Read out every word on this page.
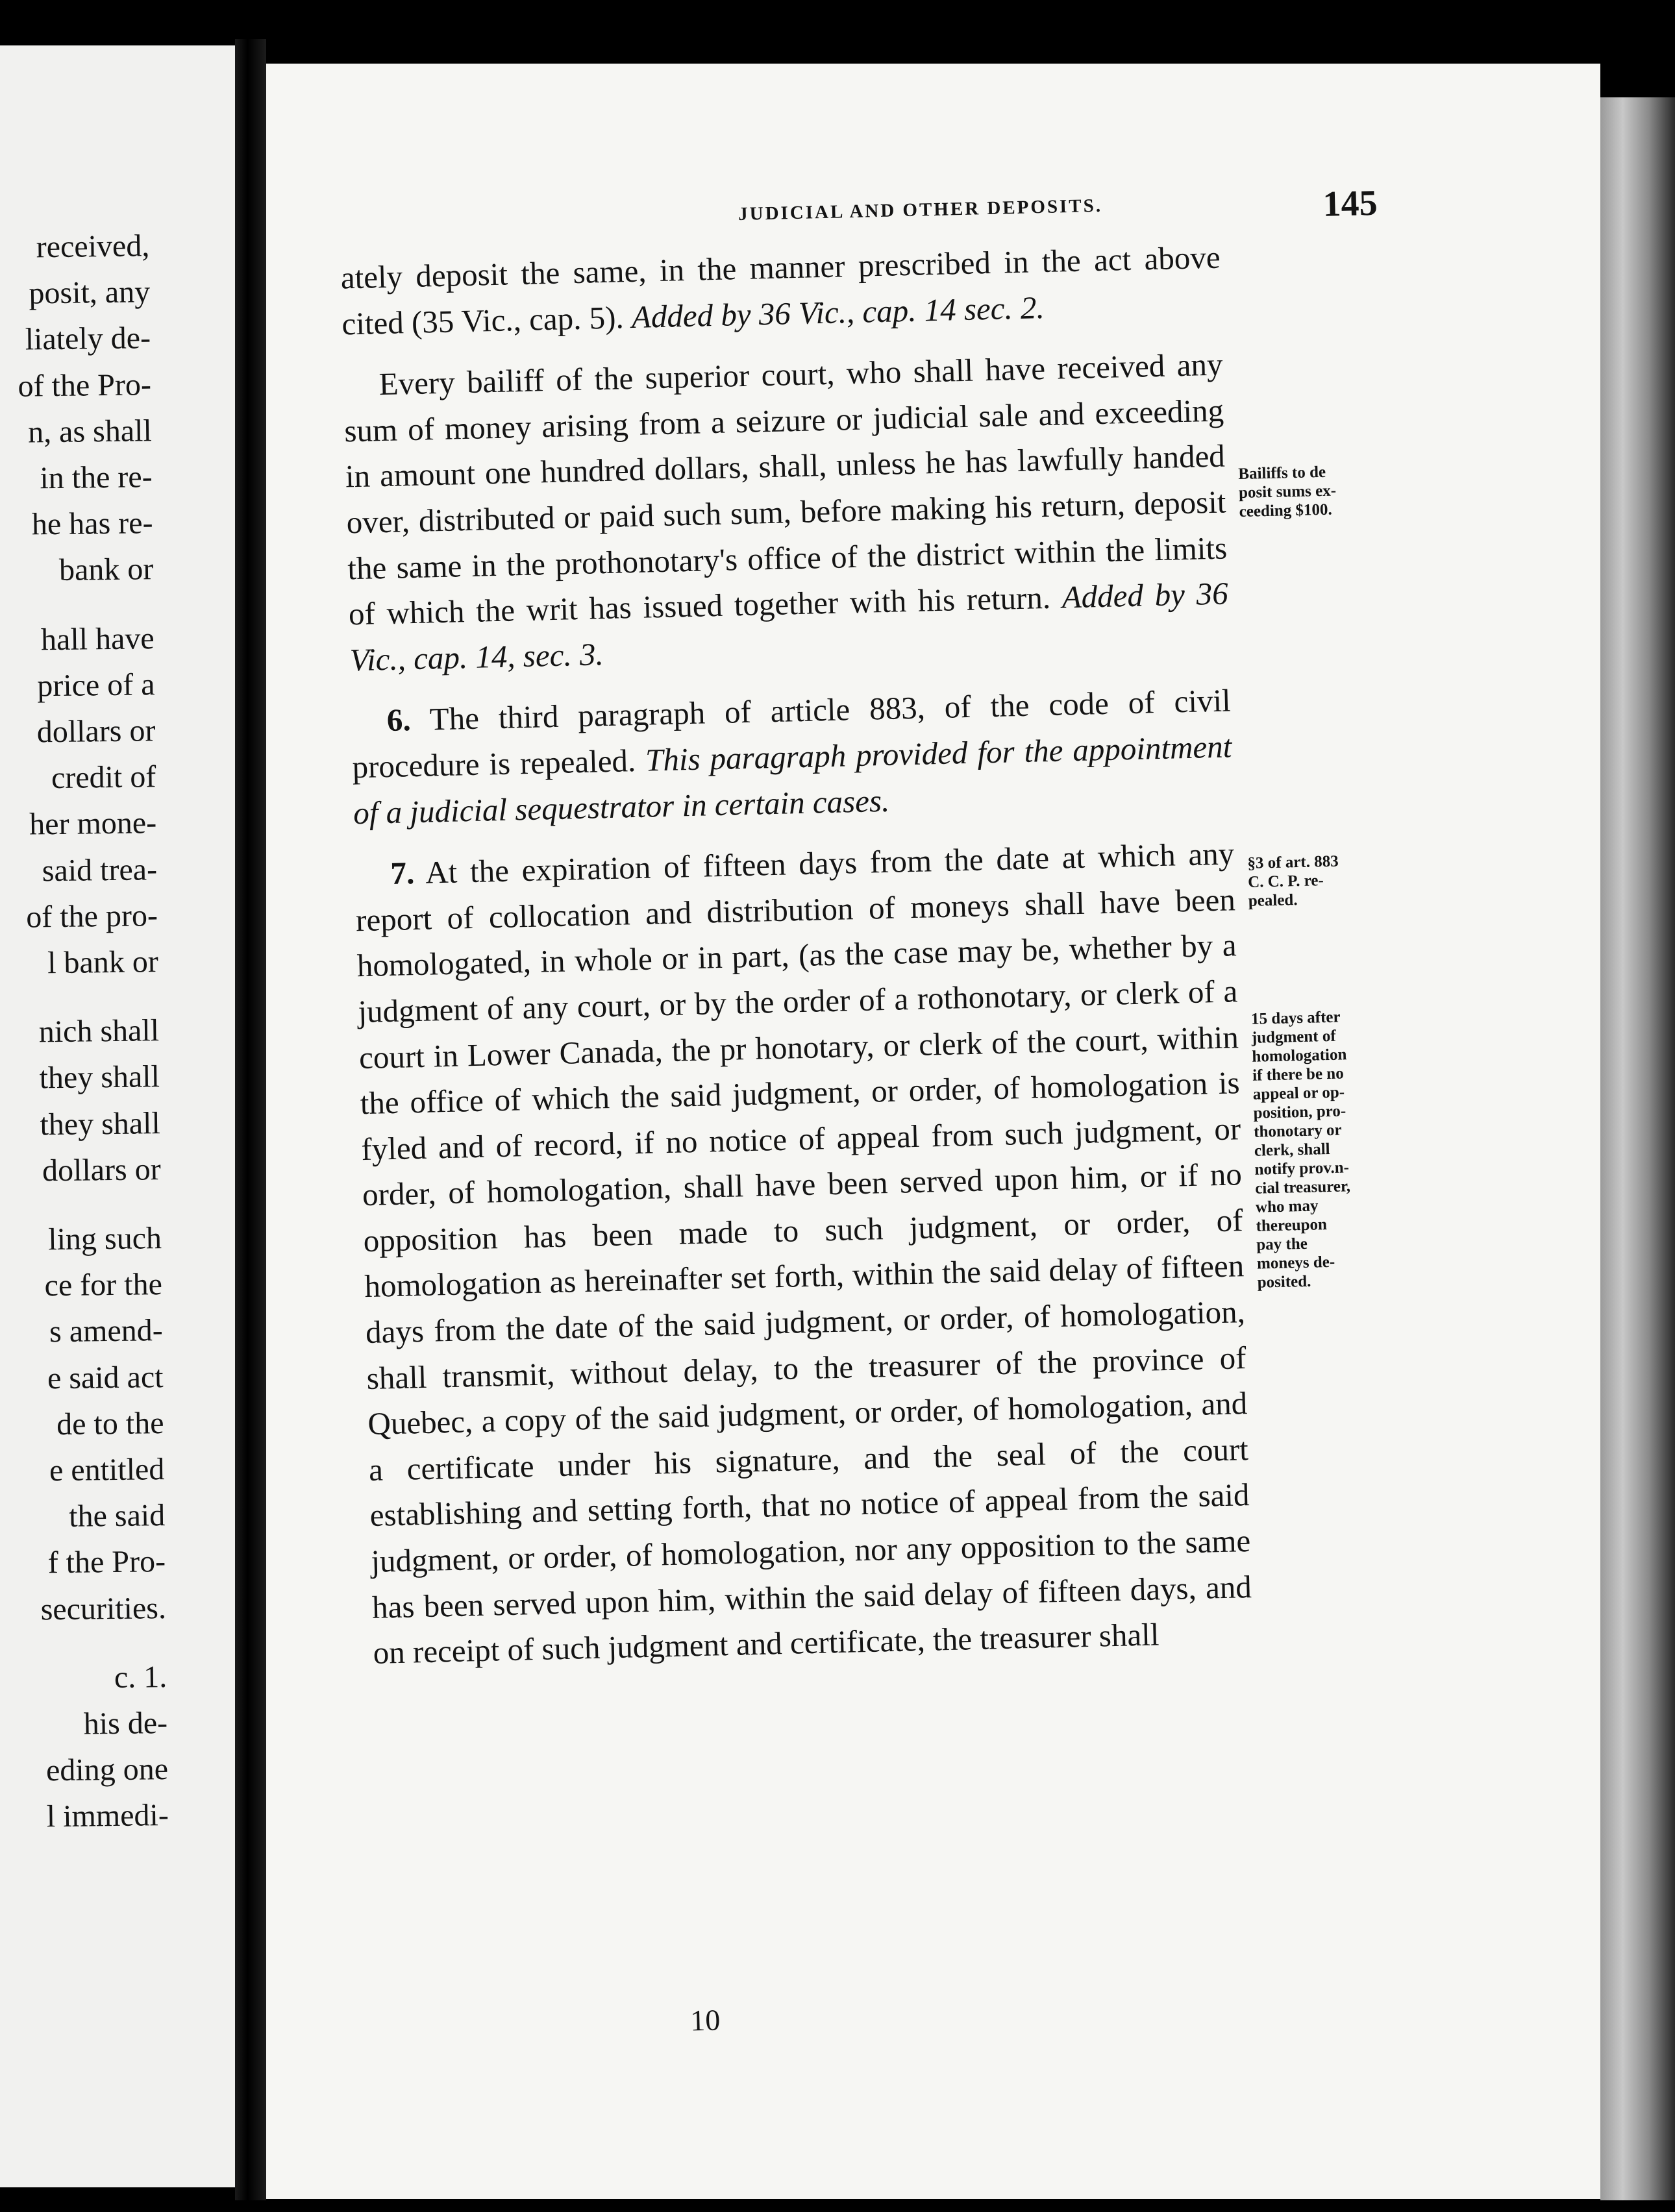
received,
posit, any
liately de-
of the Pro-
n, as shall
in the re-
he has re-
bank or
hall have
price of a
dollars or
credit of
her mone-
said trea-
of the pro-
l bank or
nich shall
they shall
they shall
dollars or
ling such
ce for the
s amend-
e said act
de to the
e entitled
the said
f the Pro-
securities.
c. 1.
his de-
eding one
l immedi-
JUDICIAL AND OTHER DEPOSITS.	145

ately deposit the same, in the manner prescribed in the act above cited (35 Vic., cap. 5). Added by 36 Vic., cap. 14 sec. 2.

Every bailiff of the superior court, who shall have received any sum of money arising from a seizure or judicial sale and exceeding in amount one hundred dollars, shall, unless he has lawfully handed over, distributed or paid such sum, before making his return, deposit the same in the prothonotary's office of the district within the limits of which the writ has issued together with his return. Added by 36 Vic., cap. 14, sec. 3.

6. The third paragraph of article 883, of the code of civil procedure is repealed. This paragraph provided for the appointment of a judicial sequestrator in certain cases.

7. At the expiration of fifteen days from the date at which any report of collocation and distribution of moneys shall have been homologated, in whole or in part, (as the case may be, whether by a judgment of any court, or by the order of a rothonotary, or clerk of a court in Lower Canada, the pr honotary, or clerk of the court, within the office of which the said judgment, or order, of homologation is fyled and of record, if no notice of appeal from such judgment, or order, of homologation, shall have been served upon him, or if no opposition has been made to such judgment, or order, of homologation as hereinafter set forth, within the said delay of fifteen days from the date of the said judgment, or order, of homologation, shall transmit, without delay, to the treasurer of the province of Quebec, a copy of the said judgment, or order, of homologation, and a certificate under his signature, and the seal of the court establishing and setting forth, that no notice of appeal from the said judgment, or order, of homologation, nor any opposition to the same has been served upon him, within the said delay of fifteen days, and on receipt of such judgment and certificate, the treasurer shall

10
Bailiffs to de
posit sums ex-
ceeding $100.
§3 of art. 883
C. C. P. re-
pealed.
15 days after
judgment of
homologation
if there be no
appeal or op-
position, pro-
thonotary or
clerk, shall
notify prov.n-
cial treasurer,
who may
thereupon
pay the
moneys de-
posited.
